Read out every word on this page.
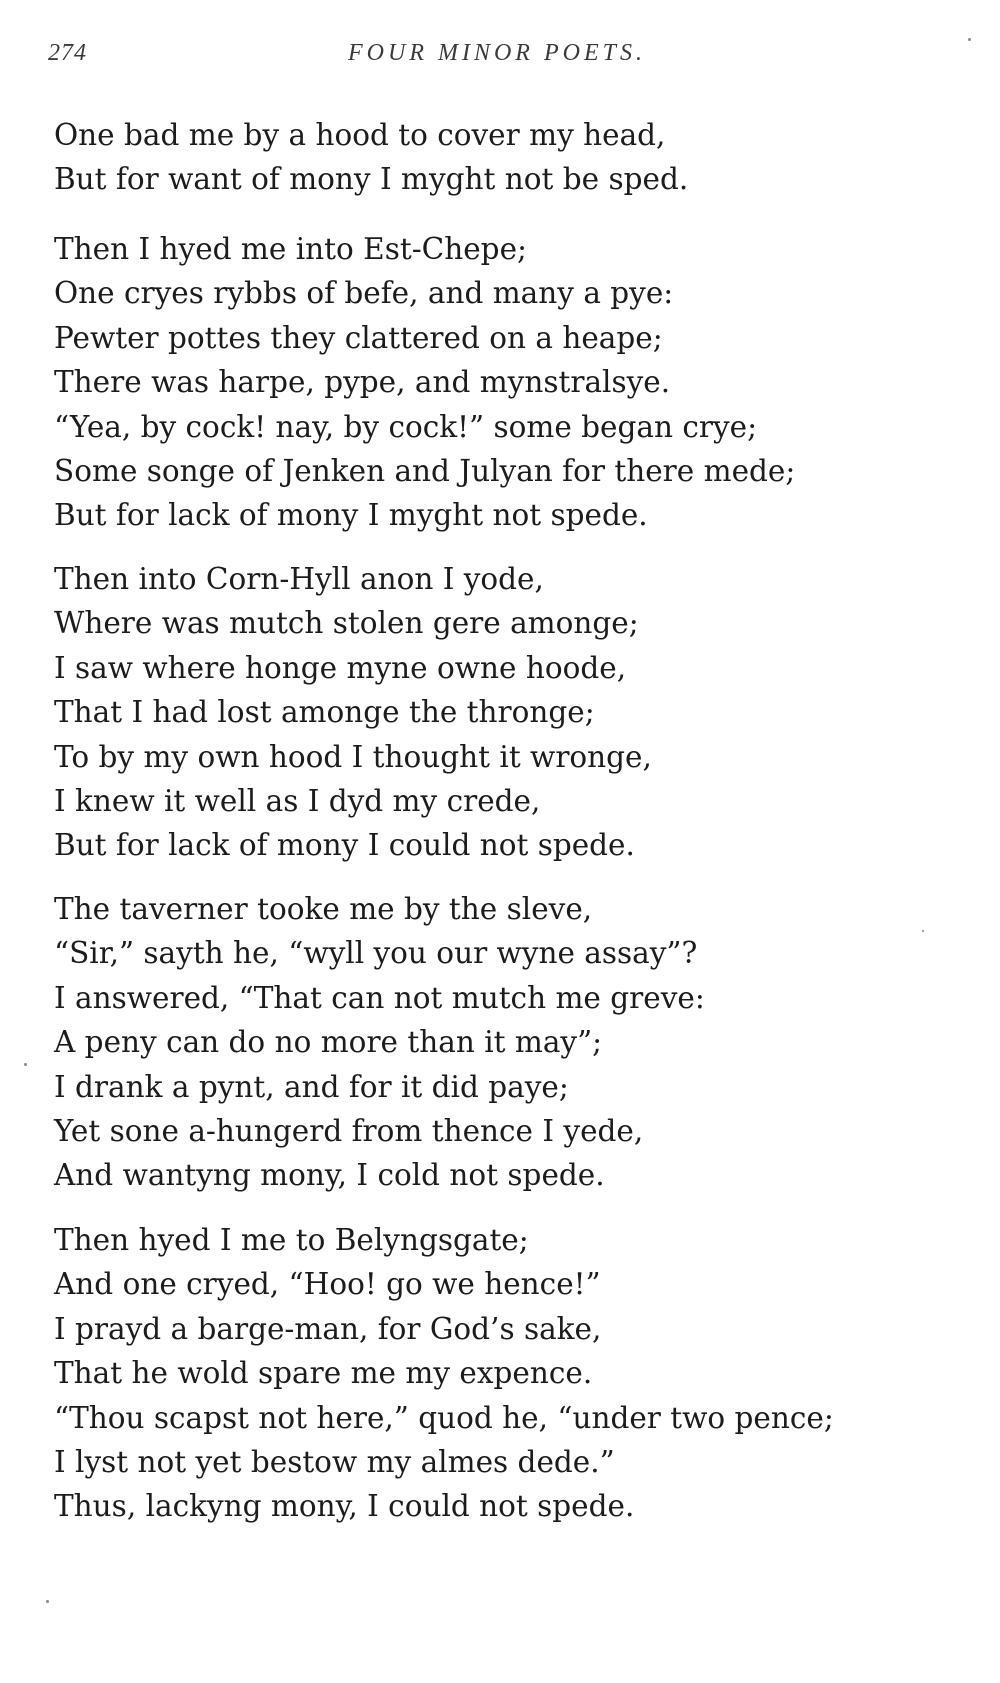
274	FOUR MINOR POETS.
One bad me by a hood to cover my head,
But for want of mony I myght not be sped.
Then I hyed me into Est-Chepe;
One cryes rybbs of befe, and many a pye:
Pewter pottes they clattered on a heape;
There was harpe, pype, and mynstralsye.
“Yea, by cock! nay, by cock!” some began crye;
Some songe of Jenken and Julyan for there mede;
But for lack of mony I myght not spede.
Then into Corn-Hyll anon I yode,
Where was mutch stolen gere amonge;
I saw where honge myne owne hoode,
That I had lost amonge the thronge;
To by my own hood I thought it wronge,
I knew it well as I dyd my crede,
But for lack of mony I could not spede.
The taverner tooke me by the sleve,
“Sir,” sayth he, “wyll you our wyne assay”?
I answered, “That can not mutch me greve:
A peny can do no more than it may”;
I drank a pynt, and for it did paye;
Yet sone a-hungerd from thence I yede,
And wantyng mony, I cold not spede.
Then hyed I me to Belyngsgate;
And one cryed, “Hoo! go we hence!”
I prayd a barge-man, for God’s sake,
That he wold spare me my expence.
“Thou scapst not here,” quod he, “under two pence;
I lyst not yet bestow my almes dede.”
Thus, lackyng mony, I could not spede.
